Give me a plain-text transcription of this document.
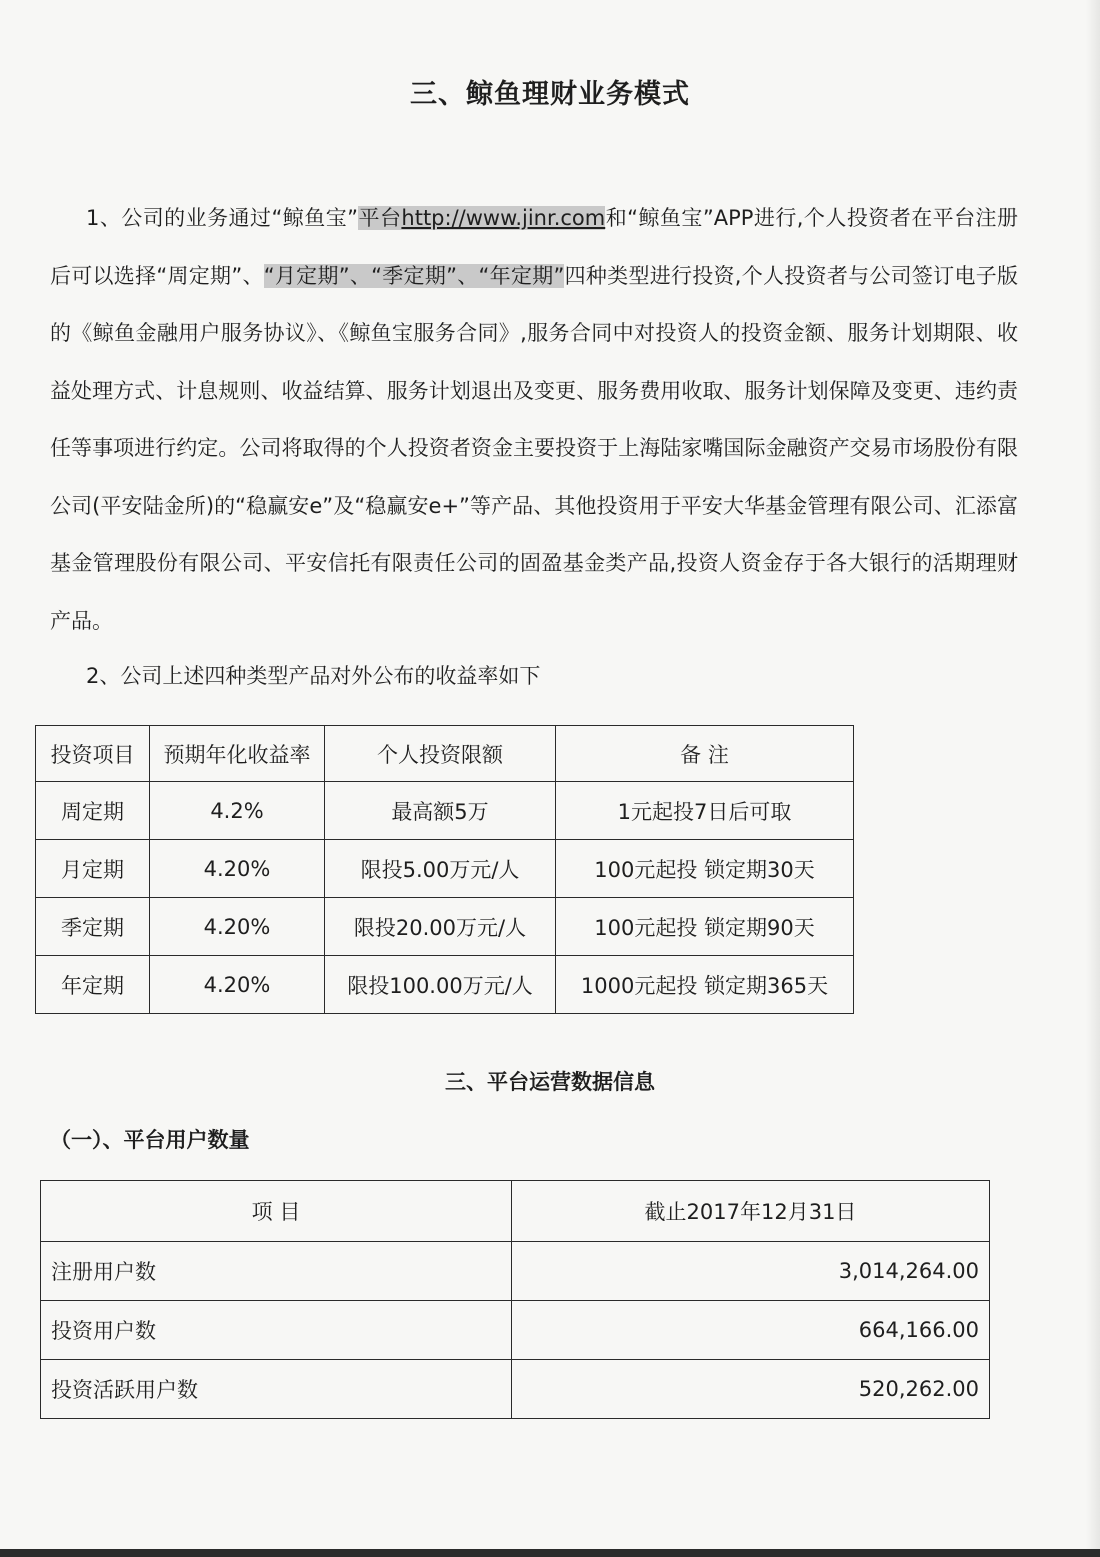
三、鲸鱼理财业务模式

1、公司的业务通过“鲸鱼宝”平台http://www.jinr.com和“鲸鱼宝”APP进行,个人投资者在平台注册后可以选择“周定期”、“月定期”、“季定期”、“年定期”四种类型进行投资,个人投资者与公司签订电子版的《鲸鱼金融用户服务协议》、《鲸鱼宝服务合同》,服务合同中对投资人的投资金额、服务计划期限、收益处理方式、计息规则、收益结算、服务计划退出及变更、服务费用收取、服务计划保障及变更、违约责任等事项进行约定。公司将取得的个人投资者资金主要投资于上海陆家嘴国际金融资产交易市场股份有限公司(平安陆金所)的“稳赢安e”及“稳赢安e+”等产品、其他投资用于平安大华基金管理有限公司、汇添富基金管理股份有限公司、平安信托有限责任公司的固盈基金类产品,投资人资金存于各大银行的活期理财产品。

2、公司上述四种类型产品对外公布的收益率如下

投资项目	预期年化收益率	个人投资限额	备 注
周定期	4.2%	最高额5万	1元起投7日后可取
月定期	4.20%	限投5.00万元/人	100元起投 锁定期30天
季定期	4.20%	限投20.00万元/人	100元起投 锁定期90天
年定期	4.20%	限投100.00万元/人	1000元起投 锁定期365天
三、平台运营数据信息
（一）、平台用户数量
项 目	截止2017年12月31日
注册用户数	3,014,264.00
投资用户数	664,166.00
投资活跃用户数	520,262.00
